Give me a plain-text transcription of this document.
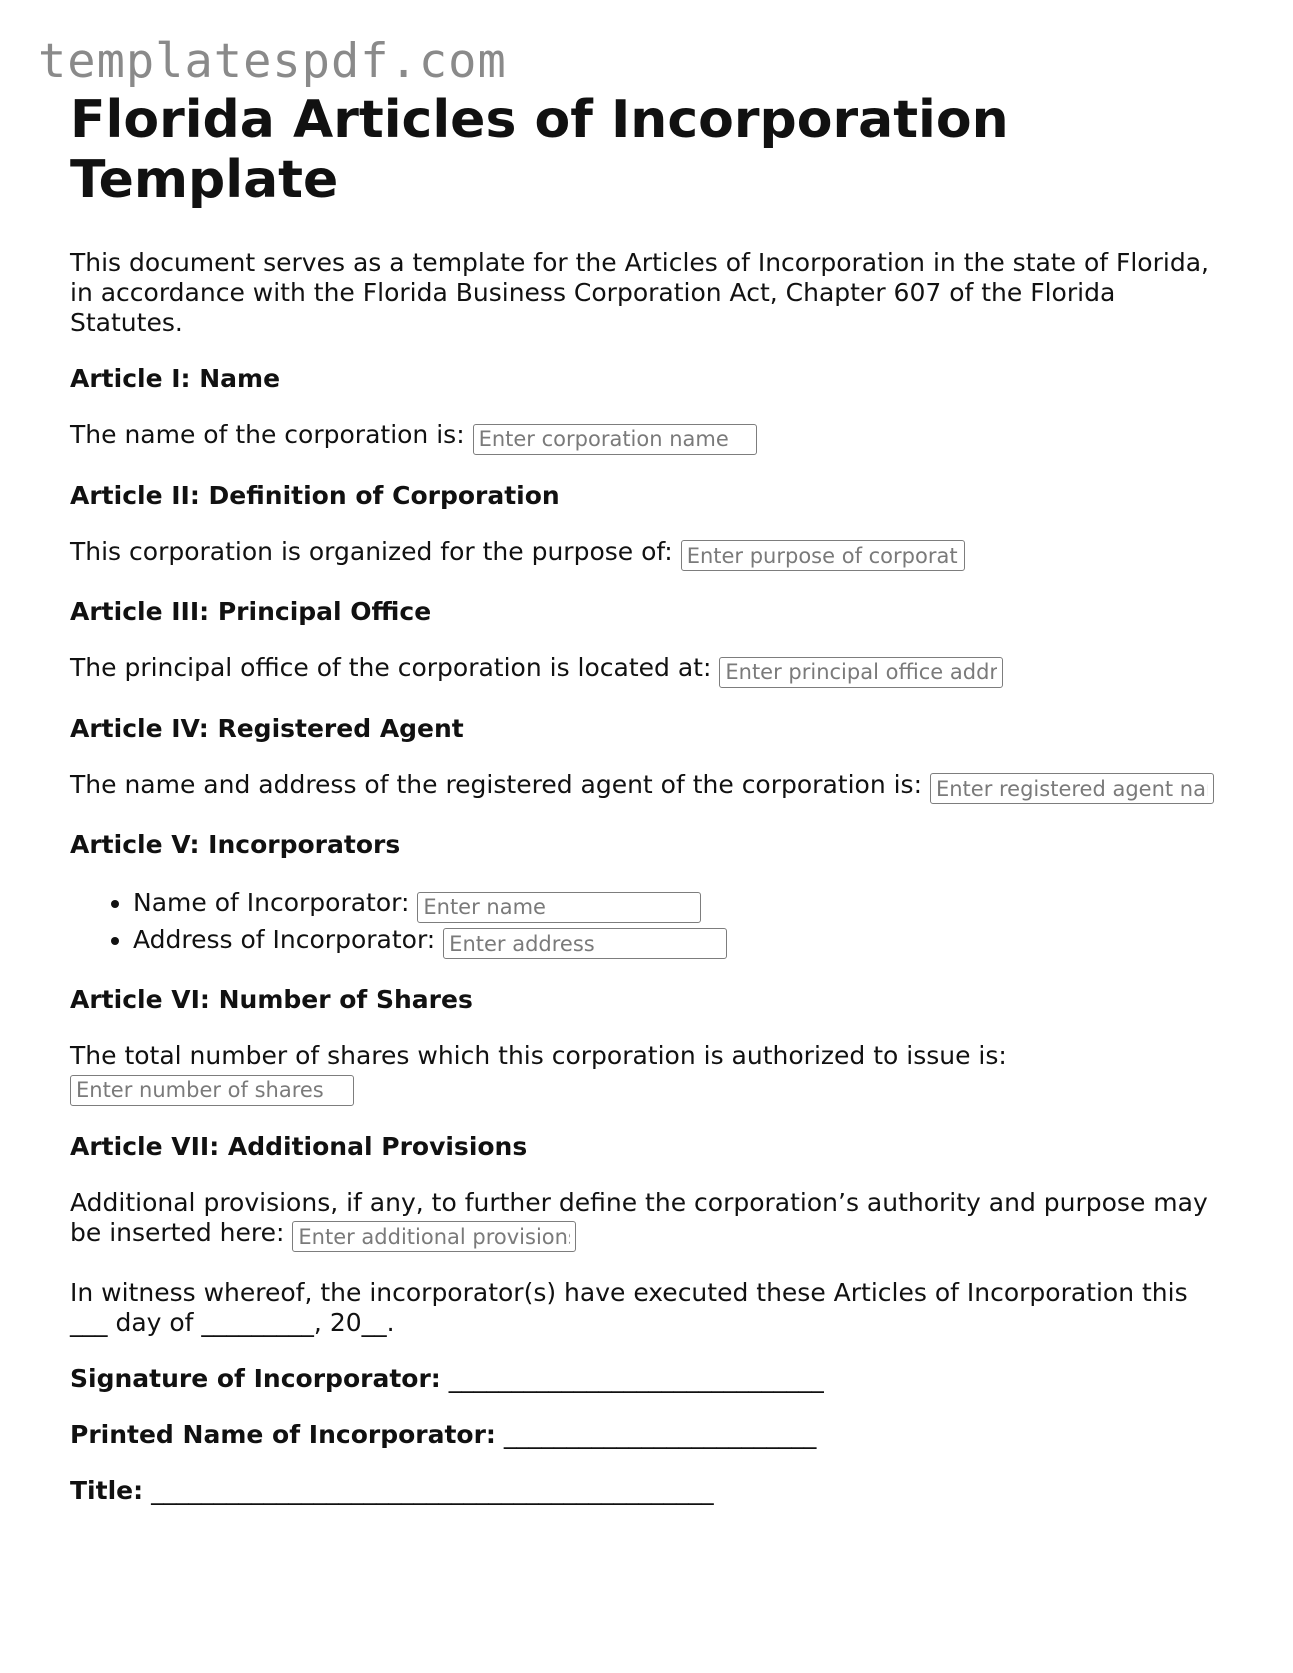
templatespdf.com
Florida Articles of Incorporation Template

This document serves as a template for the Articles of Incorporation in the state of Florida, in accordance with the Florida Business Corporation Act, Chapter 607 of the Florida Statutes.

Article I: Name

The name of the corporation is: Enter corporation name

Article II: Definition of Corporation

This corporation is organized for the purpose of: Enter purpose of corporation

Article III: Principal Office

The principal office of the corporation is located at: Enter principal office address

Article IV: Registered Agent

The name and address of the registered agent of the corporation is: Enter registered agent name and address

Article V: Incorporators
• Name of Incorporator: Enter name
• Address of Incorporator: Enter address
Article VI: Number of Shares

The total number of shares which this corporation is authorized to issue is: Enter number of shares

Article VII: Additional Provisions

Additional provisions, if any, to further define the corporation’s authority and purpose may be inserted here: Enter additional provisions

In witness whereof, the incorporator(s) have executed these Articles of Incorporation this ___ day of _________, 20__.

Signature of Incorporator: ______________________________

Printed Name of Incorporator: _________________________

Title: _____________________________________________
